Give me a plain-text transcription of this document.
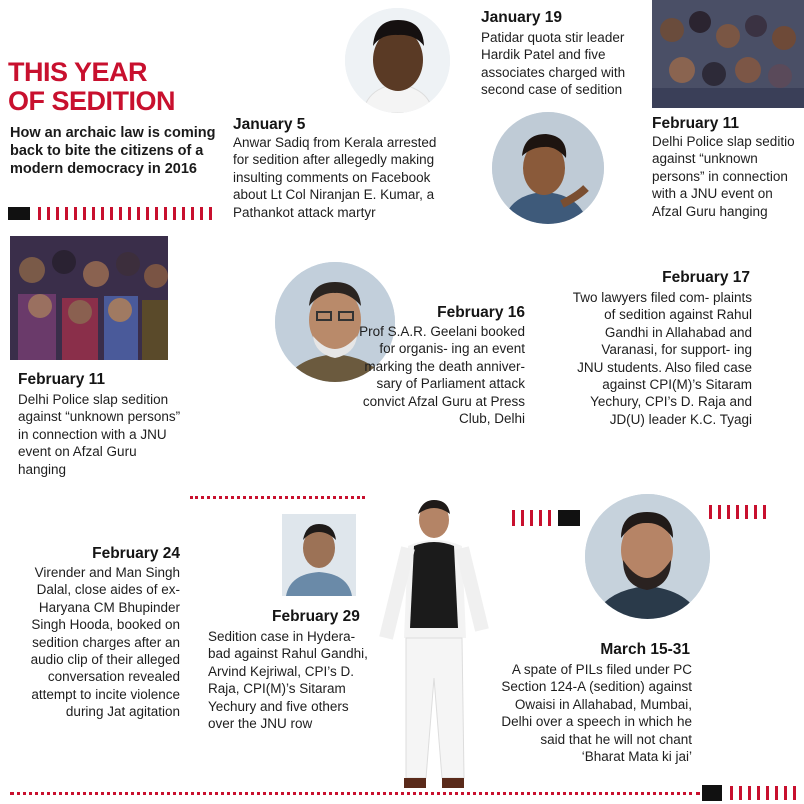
THIS YEAR
OF SEDITION
How an archaic law is coming back to bite the citizens of a modern democracy in 2016
January 5
Anwar Sadiq from Kerala arrested for sedition after allegedly making insulting comments on Facebook about Lt Col Niranjan E. Kumar, a Pathankot attack martyr
January 19
Patidar quota stir leader Hardik Patel and five associates charged with second case of sedition
February 11
Delhi Police slap seditio against “unknown persons” in connection with a JNU event on Afzal Guru hanging
February 11
Delhi Police slap sedition against “unknown persons” in connection with a JNU event on Afzal Guru hanging
February 16
Prof S.A.R. Geelani booked for organis- ing an event marking the death anniver- sary of Parliament attack convict Afzal Guru at Press Club, Delhi
February 17
Two lawyers filed com- plaints of sedition against Rahul Gandhi in Allahabad and Varanasi, for support- ing JNU students. Also filed case against CPI(M)’s Sitaram Yechury, CPI’s D. Raja and JD(U) leader K.C. Tyagi
February 24
Virender and Man Singh Dalal, close aides of ex- Haryana CM Bhupinder Singh Hooda, booked on sedition charges after an audio clip of their alleged conversation revealed attempt to incite violence during Jat agitation
February 29
Sedition case in Hydera- bad against Rahul Gandhi, Arvind Kejriwal, CPI’s D. Raja, CPI(M)’s Sitaram Yechury and five others over the JNU row
March 15-31
A spate of PILs filed under PC Section 124-A (sedition) against Owaisi in Allahabad, Mumbai, Delhi over a speech in which he said that he will not chant ‘Bharat Mata ki jai’
